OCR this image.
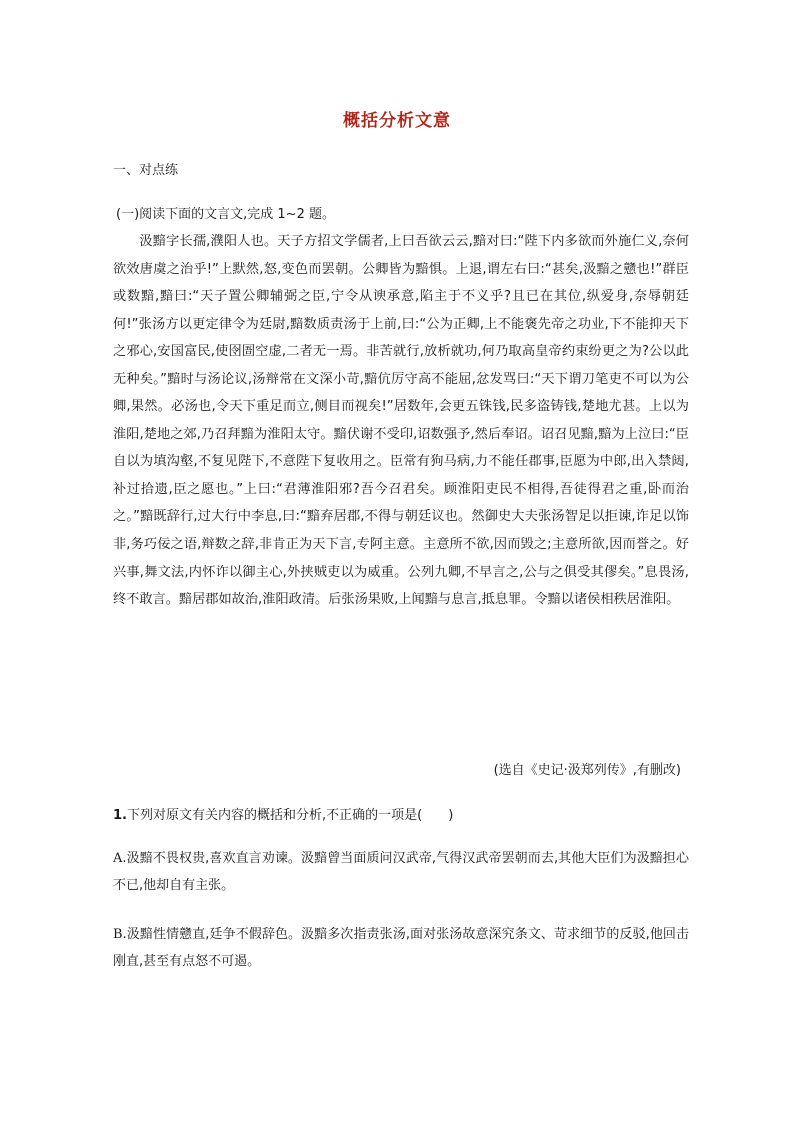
概括分析文意
一、对点练
(一)阅读下面的文言文,完成 1~2 题。

汲黯字长孺,濮阳人也。天子方招文学儒者,上曰吾欲云云,黯对曰:“陛下内多欲而外施仁义,奈何欲效唐虞之治乎!”上默然,怒,变色而罢朝。公卿皆为黯惧。上退,谓左右曰:“甚矣,汲黯之戆也!”群臣或数黯,黯曰:“天子置公卿辅弼之臣,宁令从谀承意,陷主于不义乎?且已在其位,纵爱身,奈辱朝廷何!”张汤方以更定律令为廷尉,黯数质责汤于上前,曰:“公为正卿,上不能褒先帝之功业,下不能抑天下之邪心,安国富民,使囹圄空虚,二者无一焉。非苦就行,放析就功,何乃取高皇帝约束纷更之为?公以此无种矣。”黯时与汤论议,汤辩常在文深小苛,黯伉厉守高不能屈,忿发骂曰:“天下谓刀笔吏不可以为公卿,果然。必汤也,令天下重足而立,侧目而视矣!”居数年,会更五铢钱,民多盗铸钱,楚地尤甚。上以为淮阳,楚地之郊,乃召拜黯为淮阳太守。黯伏谢不受印,诏数强予,然后奉诏。诏召见黯,黯为上泣曰:“臣自以为填沟壑,不复见陛下,不意陛下复收用之。臣常有狗马病,力不能任郡事,臣愿为中郎,出入禁闼,补过拾遗,臣之愿也。”上曰:“君薄淮阳邪?吾今召君矣。顾淮阳吏民不相得,吾徒得君之重,卧而治之。”黯既辞行,过大行中李息,曰:“黯弃居郡,不得与朝廷议也。然御史大夫张汤智足以拒谏,诈足以饰非,务巧佞之语,辩数之辞,非肯正为天下言,专阿主意。主意所不欲,因而毁之;主意所欲,因而誉之。好兴事,舞文法,内怀诈以御主心,外挟贼吏以为威重。公列九卿,不早言之,公与之俱受其僇矣。”息畏汤,终不敢言。黯居郡如故治,淮阳政清。后张汤果败,上闻黯与息言,抵息罪。令黯以诸侯相秩居淮阳。

(选自《史记·汲郑列传》,有删改)
1.下列对原文有关内容的概括和分析,不正确的一项是(　　)

A.汲黯不畏权贵,喜欢直言劝谏。汲黯曾当面质问汉武帝,气得汉武帝罢朝而去,其他大臣们为汲黯担心不已,他却自有主张。

B.汲黯性情戆直,廷争不假辞色。汲黯多次指责张汤,面对张汤故意深究条文、苛求细节的反驳,他回击刚直,甚至有点怒不可遏。
